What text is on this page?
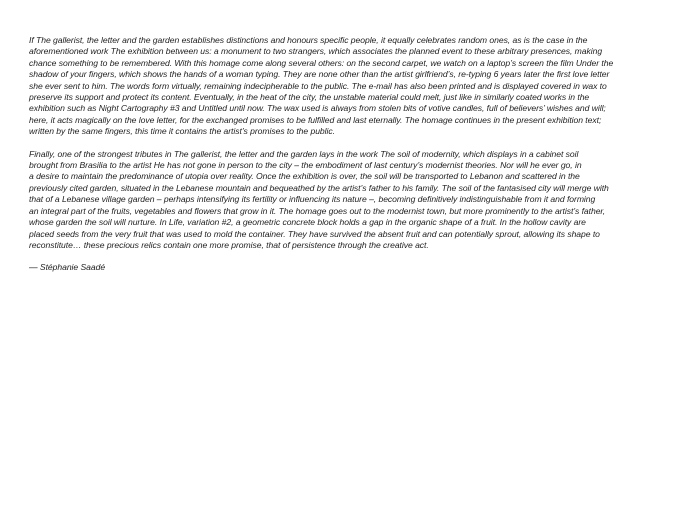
If The gallerist, the letter and the garden establishes distinctions and honours specific people, it equally celebrates random ones, as is the case in the
aforementioned work The exhibition between us: a monument to two strangers, which associates the planned event to these arbitrary presences, making
chance something to be remembered. With this homage come along several others: on the second carpet, we watch on a laptop’s screen the film Under the
shadow of your fingers, which shows the hands of a woman typing. They are none other than the artist girlfriend’s, re-typing 6 years later the first love letter
she ever sent to him. The words form virtually, remaining indecipherable to the public. The e-mail has also been printed and is displayed covered in wax to
preserve its support and protect its content. Eventually, in the heat of the city, the unstable material could melt, just like in similarly coated works in the
exhibition such as Night Cartography #3 and Untitled until now. The wax used is always from stolen bits of votive candles, full of believers’ wishes and will;
here, it acts magically on the love letter, for the exchanged promises to be fulfilled and last eternally. The homage continues in the present exhibition text;
written by the same fingers, this time it contains the artist’s promises to the public.
Finally, one of the strongest tributes in The gallerist, the letter and the garden lays in the work The soil of modernity, which displays in a cabinet soil
brought from Brasilia to the artist He has not gone in person to the city – the embodiment of last century’s modernist theories. Nor will he ever go, in
a desire to maintain the predominance of utopia over reality. Once the exhibition is over, the soil will be transported to Lebanon and scattered in the
previously cited garden, situated in the Lebanese mountain and bequeathed by the artist’s father to his family. The soil of the fantasised city will merge with
that of a Lebanese village garden – perhaps intensifying its fertility or influencing its nature –, becoming definitively indistinguishable from it and forming
an integral part of the fruits, vegetables and flowers that grow in it. The homage goes out to the modernist town, but more prominently to the artist’s father,
whose garden the soil will nurture. In Life, variation #2, a geometric concrete block holds a gap in the organic shape of a fruit. In the hollow cavity are
placed seeds from the very fruit that was used to mold the container. They have survived the absent fruit and can potentially sprout, allowing its shape to
reconstitute… these precious relics contain one more promise, that of persistence through the creative act.
— Stéphanie Saadé
